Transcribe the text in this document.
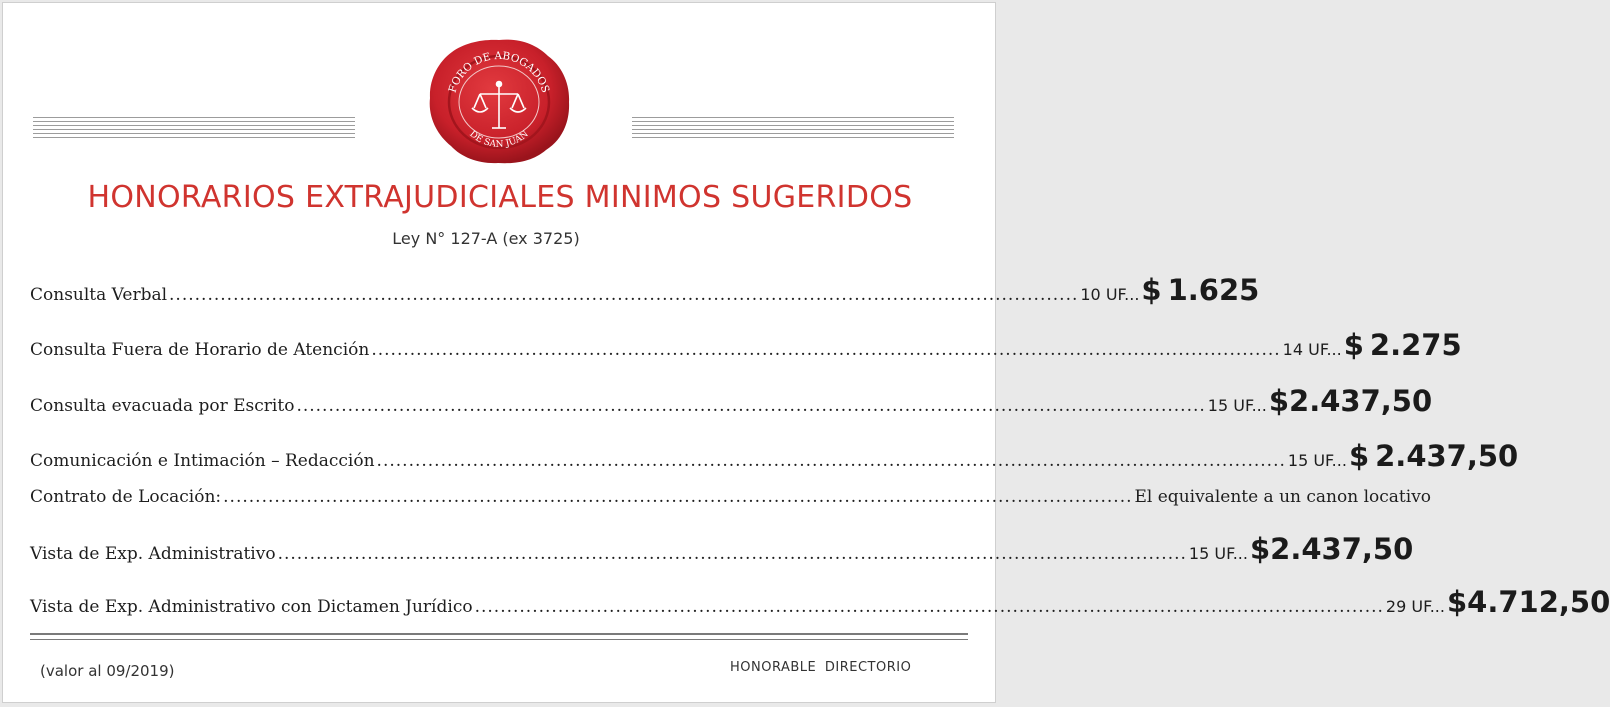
FORO DE ABOGADOS
DE SAN JUAN
HONORARIOS EXTRAJUDICIALES MINIMOS SUGERIDOS
Ley N° 127-A (ex 3725)
Consulta Verbal .............................................................................................................................................. 10 UF... $ 1.625
Consulta Fuera de Horario de Atención .............................................................................................................................................. 14 UF... $ 2.275
Consulta evacuada por Escrito .............................................................................................................................................. 15 UF... $2.437,50
Comunicación e Intimación – Redacción .............................................................................................................................................. 15 UF... $ 2.437,50
Contrato de Locación: .............................................................................................................................................. El equivalente a un canon locativo
Vista de Exp. Administrativo .............................................................................................................................................. 15 UF... $2.437,50
Vista de Exp. Administrativo con Dictamen Jurídico .............................................................................................................................................. 29 UF... $4.712,50
(valor al 09/2019)	HONORABLE DIRECTORIO
